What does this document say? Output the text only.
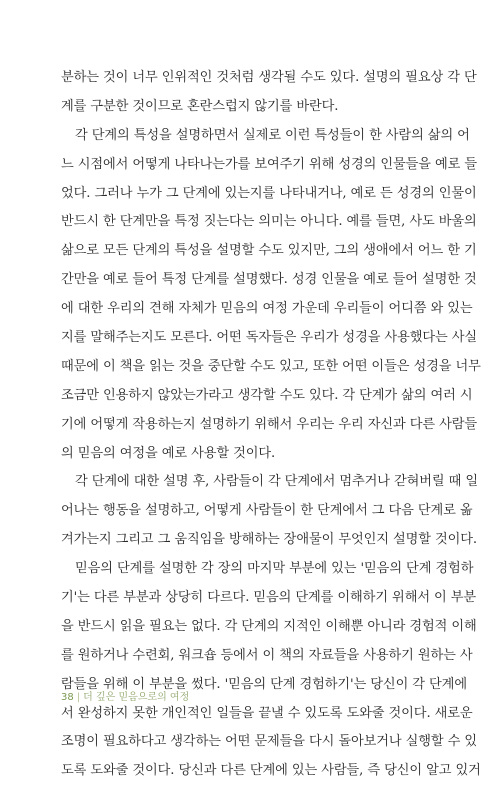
분하는 것이 너무 인위적인 것처럼 생각될 수도 있다. 설명의 필요상 각 단
계를 구분한 것이므로 혼란스럽지 않기를 바란다.
각 단계의 특성을 설명하면서 실제로 이런 특성들이 한 사람의 삶의 어
느 시점에서 어떻게 나타나는가를 보여주기 위해 성경의 인물들을 예로 들
었다. 그러나 누가 그 단계에 있는지를 나타내거나, 예로 든 성경의 인물이
반드시 한 단계만을 특정 짓는다는 의미는 아니다. 예를 들면, 사도 바울의
삶으로 모든 단계의 특성을 설명할 수도 있지만, 그의 생애에서 어느 한 기
간만을 예로 들어 특정 단계를 설명했다. 성경 인물을 예로 들어 설명한 것
에 대한 우리의 견해 자체가 믿음의 여정 가운데 우리들이 어디쯤 와 있는
지를 말해주는지도 모른다. 어떤 독자들은 우리가 성경을 사용했다는 사실
때문에 이 책을 읽는 것을 중단할 수도 있고, 또한 어떤 이들은 성경을 너무
조금만 인용하지 않았는가라고 생각할 수도 있다. 각 단계가 삶의 여러 시
기에 어떻게 작용하는지 설명하기 위해서 우리는 우리 자신과 다른 사람들
의 믿음의 여정을 예로 사용할 것이다.
각 단계에 대한 설명 후, 사람들이 각 단계에서 멈추거나 갇혀버릴 때 일
어나는 행동을 설명하고, 어떻게 사람들이 한 단계에서 그 다음 단계로 옮
겨가는지 그리고 그 움직임을 방해하는 장애물이 무엇인지 설명할 것이다.
믿음의 단계를 설명한 각 장의 마지막 부분에 있는 '믿음의 단계 경험하
기'는 다른 부분과 상당히 다르다. 믿음의 단계를 이해하기 위해서 이 부분
을 반드시 읽을 필요는 없다. 각 단계의 지적인 이해뿐 아니라 경험적 이해
를 원하거나 수련회, 워크숍 등에서 이 책의 자료들을 사용하기 원하는 사
람들을 위해 이 부분을 썼다. '믿음의 단계 경험하기'는 당신이 각 단계에
서 완성하지 못한 개인적인 일들을 끝낼 수 있도록 도와줄 것이다. 새로운
조명이 필요하다고 생각하는 어떤 문제들을 다시 돌아보거나 실행할 수 있
도록 도와줄 것이다. 당신과 다른 단계에 있는 사람들, 즉 당신이 알고 있거
38 | 더 깊은 믿음으로의 여정
